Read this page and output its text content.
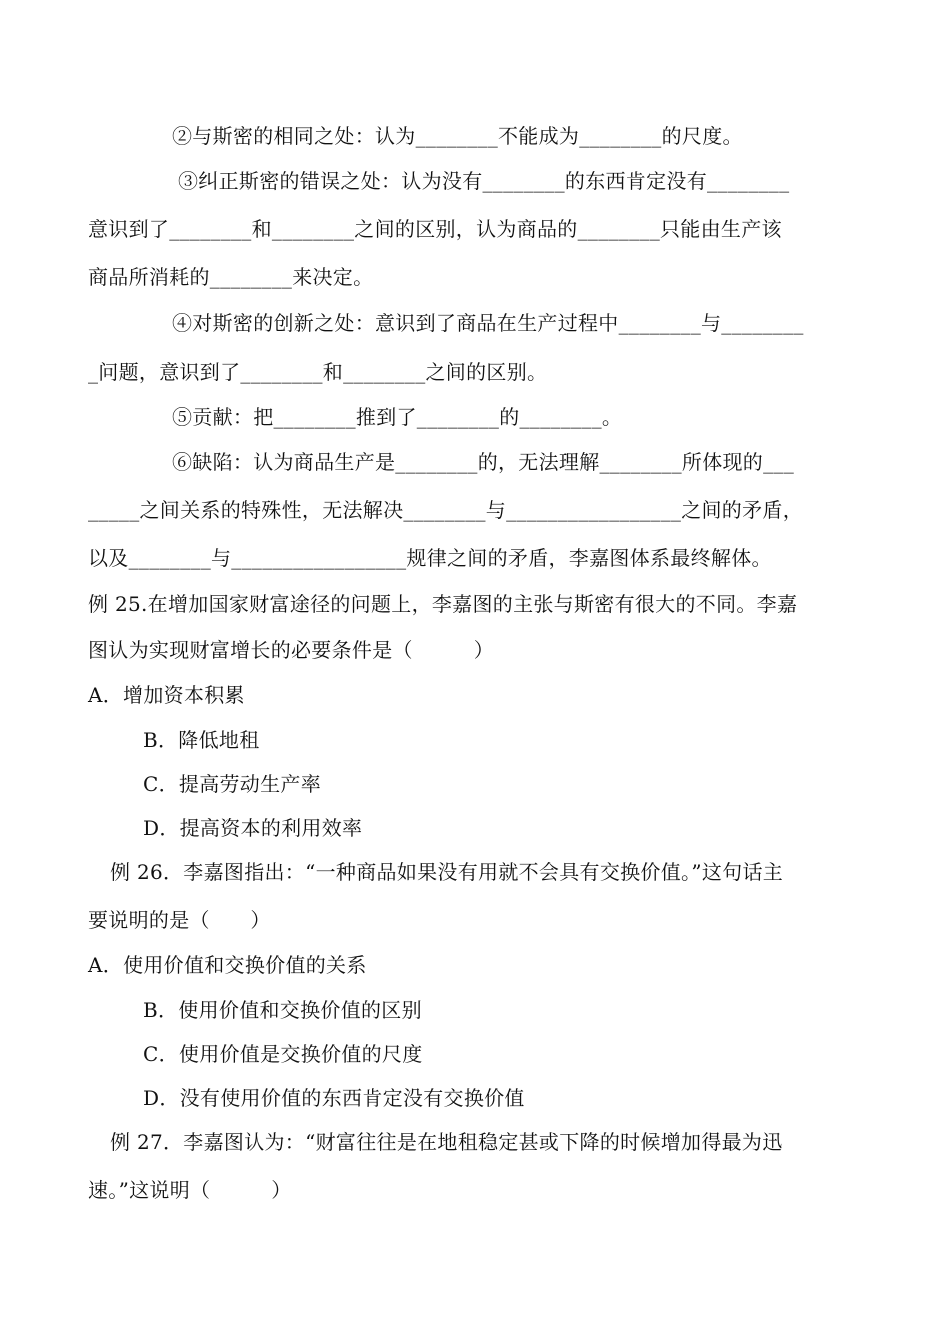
②与斯密的相同之处：认为________不能成为________的尺度。
③纠正斯密的错误之处：认为没有________的东西肯定没有________
意识到了________和________之间的区别，认为商品的________只能由生产该
商品所消耗的________来决定。
④对斯密的创新之处：意识到了商品在生产过程中________与________
_问题，意识到了________和________之间的区别。
⑤贡献：把________推到了________的________。
⑥缺陷：认为商品生产是________的，无法理解________所体现的___
_____之间关系的特殊性，无法解决________与_________________之间的矛盾，
以及________与_________________规律之间的矛盾，李嘉图体系最终解体。
例 25.在增加国家财富途径的问题上，李嘉图的主张与斯密有很大的不同。李嘉
图认为实现财富增长的必要条件是（　　　）
A．增加资本积累
B．降低地租
C．提高劳动生产率
D．提高资本的利用效率
例 26．李嘉图指出：“一种商品如果没有用就不会具有交换价值。”这句话主
要说明的是（　　）
A．使用价值和交换价值的关系
B．使用价值和交换价值的区别
C．使用价值是交换价值的尺度
D．没有使用价值的东西肯定没有交换价值
例 27．李嘉图认为：“财富往往是在地租稳定甚或下降的时候增加得最为迅
速。”这说明（　　　）
